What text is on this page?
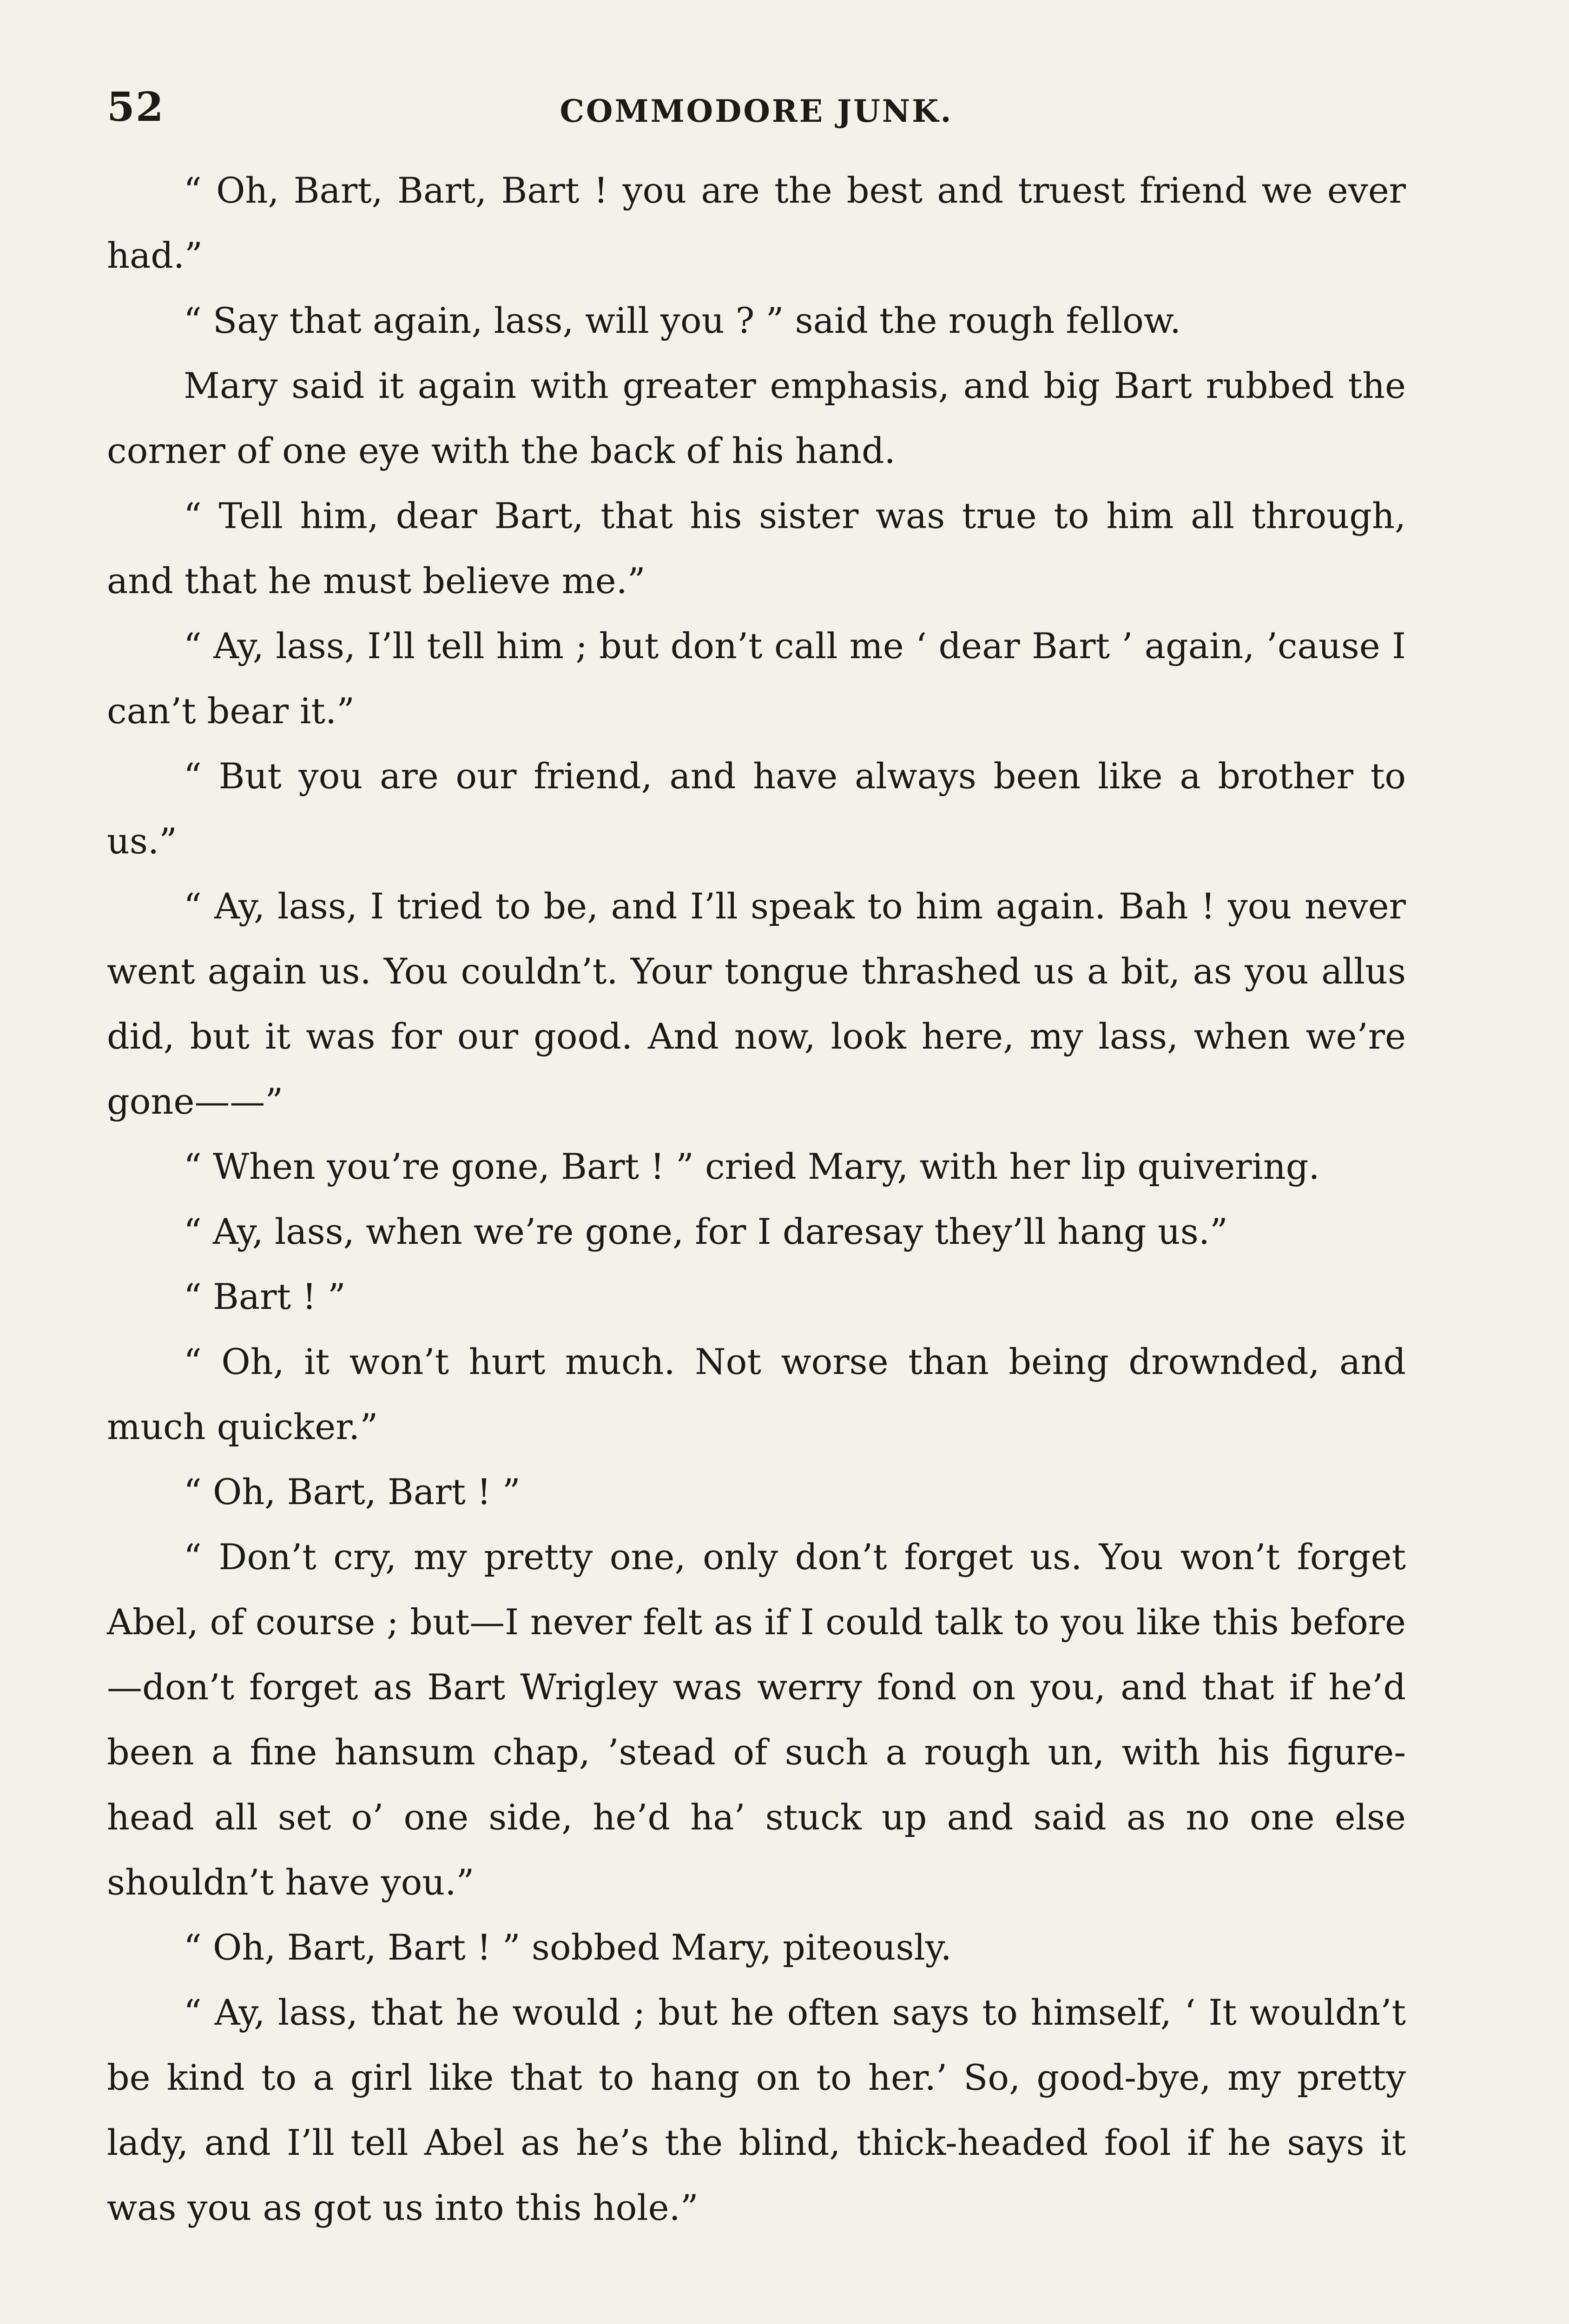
52	COMMODORE JUNK.

“ Oh, Bart, Bart, Bart ! you are the best and truest friend we ever had.”

“ Say that again, lass, will you ? ” said the rough fellow.

Mary said it again with greater emphasis, and big Bart rubbed the corner of one eye with the back of his hand.

“ Tell him, dear Bart, that his sister was true to him all through, and that he must believe me.”

“ Ay, lass, I’ll tell him ; but don’t call me ‘ dear Bart ’ again, ’cause I can’t bear it.”

“ But you are our friend, and have always been like a brother to us.”

“ Ay, lass, I tried to be, and I’ll speak to him again. Bah ! you never went again us. You couldn’t. Your tongue thrashed us a bit, as you allus did, but it was for our good. And now, look here, my lass, when we’re gone——”

“ When you’re gone, Bart ! ” cried Mary, with her lip quivering.

“ Ay, lass, when we’re gone, for I daresay they’ll hang us.”

“ Bart ! ”

“ Oh, it won’t hurt much. Not worse than being drownded, and much quicker.”

“ Oh, Bart, Bart ! ”

“ Don’t cry, my pretty one, only don’t forget us. You won’t forget Abel, of course ; but—I never felt as if I could talk to you like this before—don’t forget as Bart Wrigley was werry fond on you, and that if he’d been a fine hansum chap, ’stead of such a rough un, with his figure-head all set o’ one side, he’d ha’ stuck up and said as no one else shouldn’t have you.”

“ Oh, Bart, Bart ! ” sobbed Mary, piteously.

“ Ay, lass, that he would ; but he often says to himself, ‘ It wouldn’t be kind to a girl like that to hang on to her.’ So, good-bye, my pretty lady, and I’ll tell Abel as he’s the blind, thick-headed fool if he says it was you as got us into this hole.”
